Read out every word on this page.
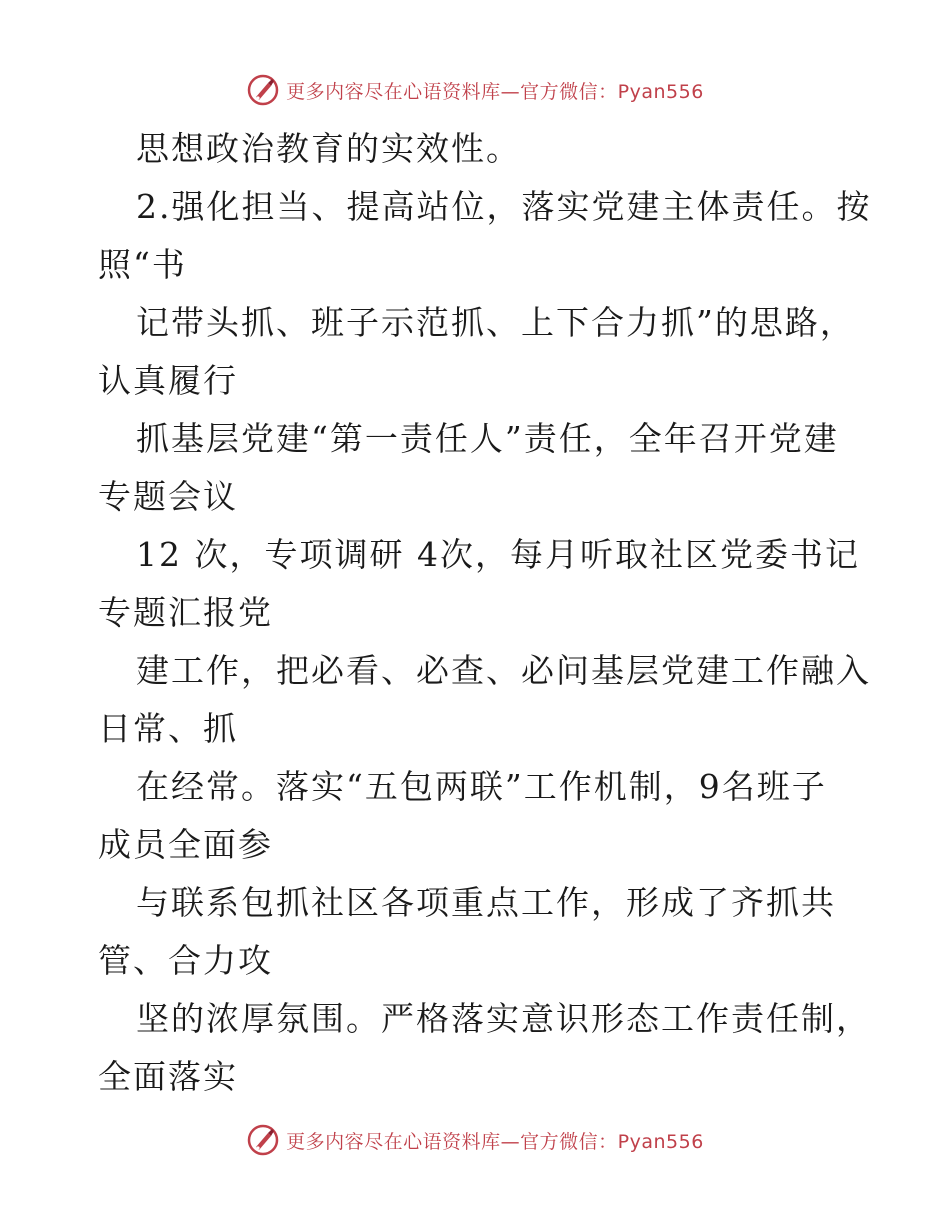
更多内容尽在心语资料库—官方微信：Pyan556
思想政治教育的实效性。
2.强化担当、提高站位，落实党建主体责任。按
照“书
记带头抓、班子示范抓、上下合力抓”的思路，
认真履行
抓基层党建“第一责任人”责任，全年召开党建
专题会议
12 次，专项调研 4次，每月听取社区党委书记
专题汇报党
建工作，把必看、必查、必问基层党建工作融入
日常、抓
在经常。落实“五包两联”工作机制，9名班子
成员全面参
与联系包抓社区各项重点工作，形成了齐抓共
管、合力攻
坚的浓厚氛围。严格落实意识形态工作责任制，
全面落实
更多内容尽在心语资料库—官方微信：Pyan556
